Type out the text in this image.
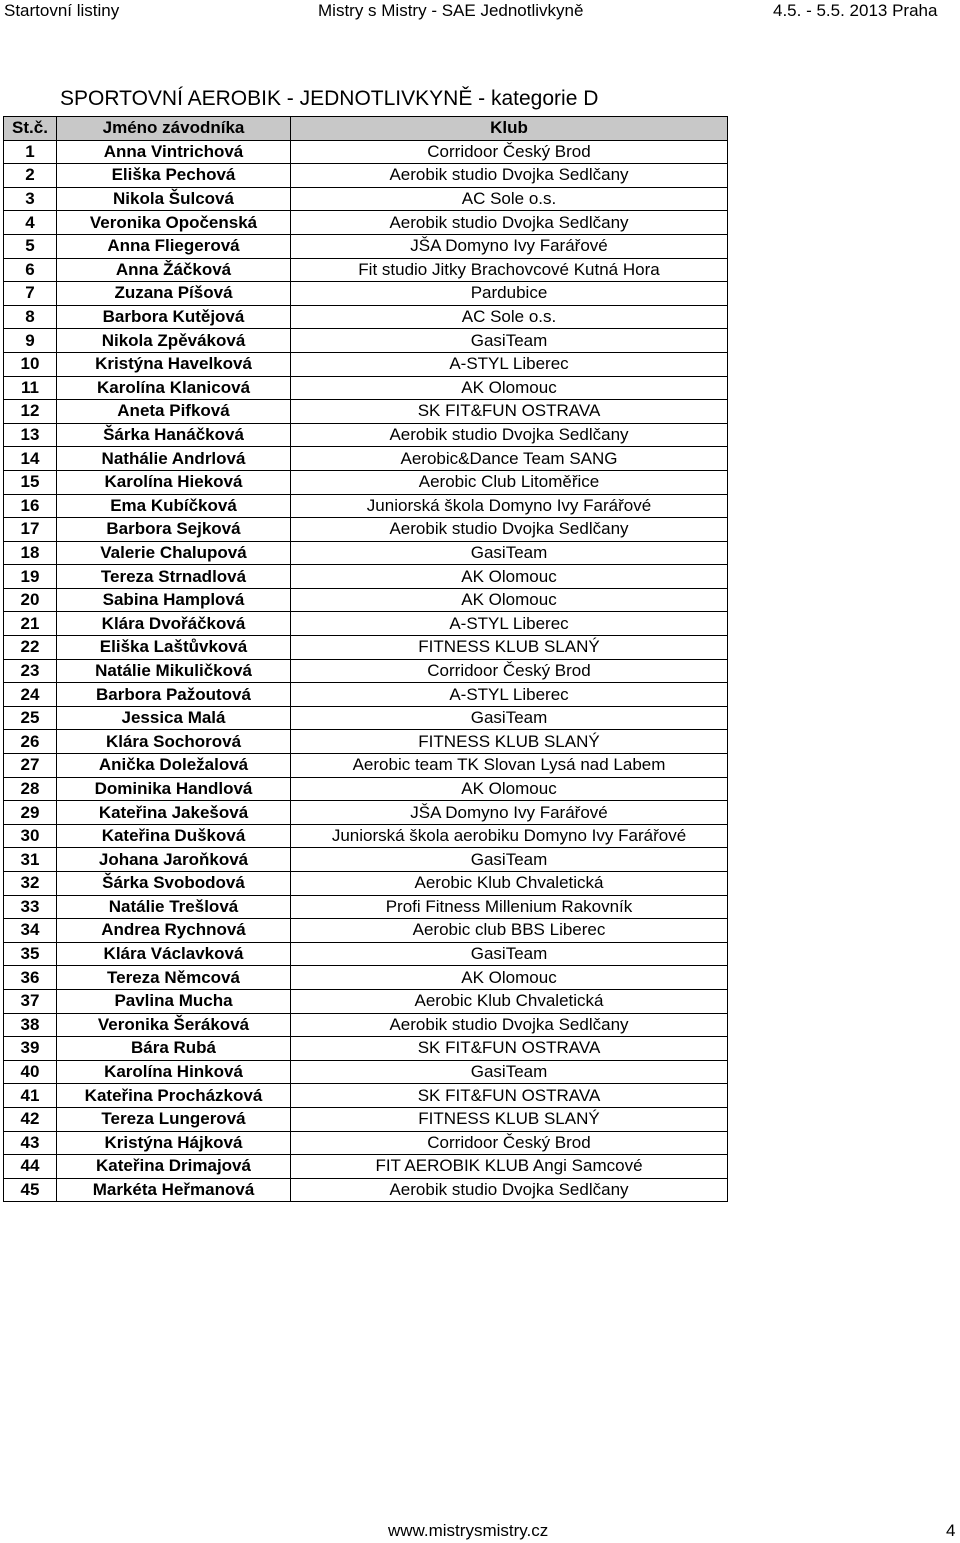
Startovní listiny	Mistry s Mistry - SAE Jednotlivkyně	4.5. - 5.5. 2013 Praha
SPORTOVNÍ AEROBIK - JEDNOTLIVKYNĚ - kategorie D
St.č.	Jméno závodníka	Klub
1	Anna Vintrichová	Corridoor Český Brod
2	Eliška Pechová	Aerobik studio Dvojka Sedlčany
3	Nikola Šulcová	AC Sole o.s.
4	Veronika Opočenská	Aerobik studio Dvojka Sedlčany
5	Anna Fliegerová	JŠA Domyno Ivy Farářové
6	Anna Žáčková	Fit studio Jitky Brachovcové Kutná Hora
7	Zuzana Píšová	Pardubice
8	Barbora Kutějová	AC Sole o.s.
9	Nikola Zpěváková	GasiTeam
10	Kristýna Havelková	A-STYL Liberec
11	Karolína Klanicová	AK Olomouc
12	Aneta Pifková	SK FIT&FUN OSTRAVA
13	Šárka Hanáčková	Aerobik studio Dvojka Sedlčany
14	Nathálie Andrlová	Aerobic&Dance Team SANG
15	Karolína Hieková	Aerobic Club Litoměřice
16	Ema Kubíčková	Juniorská škola Domyno Ivy Farářové
17	Barbora Sejková	Aerobik studio Dvojka Sedlčany
18	Valerie Chalupová	GasiTeam
19	Tereza Strnadlová	AK Olomouc
20	Sabina Hamplová	AK Olomouc
21	Klára Dvořáčková	A-STYL Liberec
22	Eliška Laštůvková	FITNESS KLUB SLANÝ
23	Natálie Mikuličková	Corridoor Český Brod
24	Barbora Pažoutová	A-STYL Liberec
25	Jessica Malá	GasiTeam
26	Klára Sochorová	FITNESS KLUB SLANÝ
27	Anička Doležalová	Aerobic team TK Slovan Lysá nad Labem
28	Dominika Handlová	AK Olomouc
29	Kateřina Jakešová	JŠA Domyno Ivy Farářové
30	Kateřina Dušková	Juniorská škola aerobiku Domyno Ivy Farářové
31	Johana Jaroňková	GasiTeam
32	Šárka Svobodová	Aerobic Klub Chvaletická
33	Natálie Trešlová	Profi Fitness Millenium Rakovník
34	Andrea Rychnová	Aerobic club BBS Liberec
35	Klára Václavková	GasiTeam
36	Tereza Němcová	AK Olomouc
37	Pavlina Mucha	Aerobic Klub Chvaletická
38	Veronika Šeráková	Aerobik studio Dvojka Sedlčany
39	Bára Rubá	SK FIT&FUN OSTRAVA
40	Karolína Hinková	GasiTeam
41	Kateřina Procházková	SK FIT&FUN OSTRAVA
42	Tereza Lungerová	FITNESS KLUB SLANÝ
43	Kristýna Hájková	Corridoor Český Brod
44	Kateřina Drimajová	FIT AEROBIK KLUB Angi Samcové
45	Markéta Heřmanová	Aerobik studio Dvojka Sedlčany
www.mistrysmistry.cz	4
